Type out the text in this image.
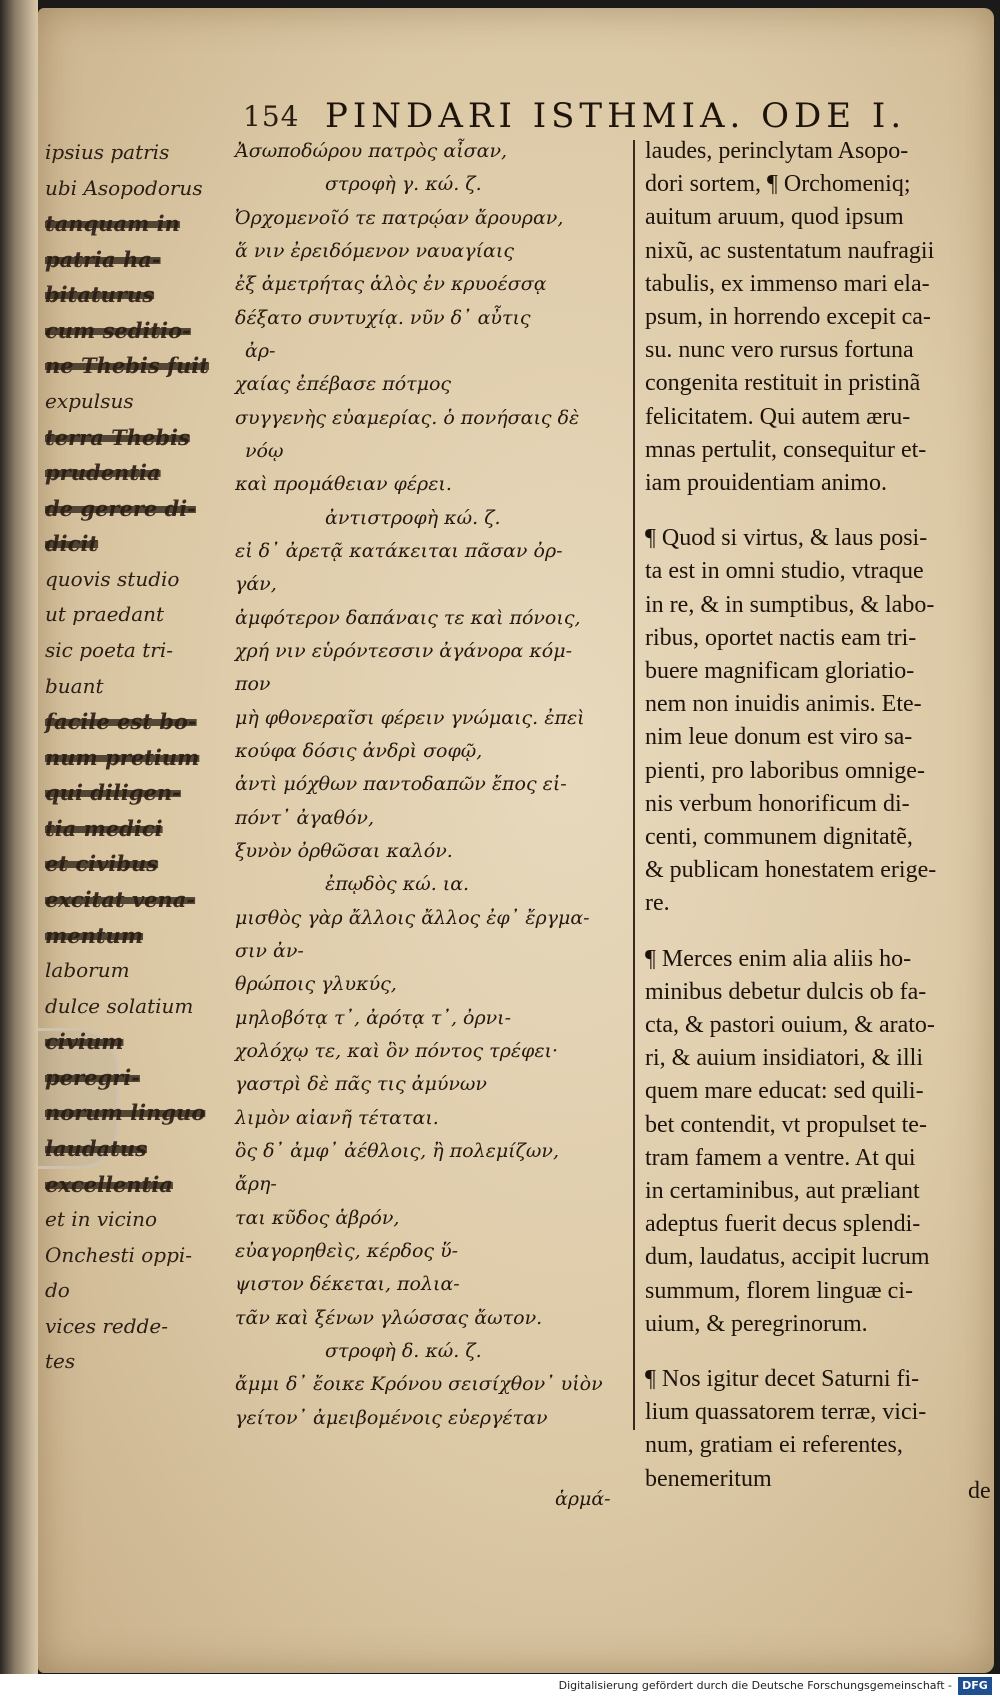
154 PINDARI ISTHMIA. ODE I.
ipsius patris
ubi Asopodorus
tanquam in
patria ha-
bitaturus
cum seditio-
ne Thebis fuit
expulsus
terra Thebis
prudentia
de gerere di-
dicit
quovis studio
ut praedant
sic poeta tri-
buant
facile est bo-
num pretium
qui diligen-
tia medici
et civibus
excitat vena-
mentum
laborum
dulce solatium
civium
peregri-
norum linguo
laudatus
excellentia
et in vicino
Onchesti oppi-
do
vices redde-
tes
Ἀσωποδώρου πατρὸς αἶσαν,
στροφὴ γ. κώ. ζ.
Ὀρχομενοῖό τε πατρῴαν ἄρουραν,
ἅ νιν ἐρειδόμενον ναυαγίαις
ἐξ ἀμετρήτας ἁλὸς ἐν κρυοέσσᾳ
δέξατο συντυχίᾳ. νῦν δ᾽ αὖτις
ἀρ-
χαίας ἐπέβασε πότμος
συγγενὴς εὐαμερίας. ὁ πονήσαις δὲ
νόῳ
καὶ προμάθειαν φέρει.
ἀντιστροφὴ κώ. ζ.
εἰ δ᾽ ἀρετᾷ κατάκειται πᾶσαν ὀρ-
γάν,
ἀμφότερον δαπάναις τε καὶ πόνοις,
χρή νιν εὑρόντεσσιν ἀγάνορα κόμ-
πον
μὴ φθονεραῖσι φέρειν γνώμαις. ἐπεὶ
κούφα δόσις ἀνδρὶ σοφῷ,
ἀντὶ μόχθων παντοδαπῶν ἔπος εἰ-
πόντ᾽ ἀγαθόν,
ξυνὸν ὀρθῶσαι καλόν.
ἐπῳδὸς κώ. ια.
μισθὸς γὰρ ἄλλοις ἄλλος ἐφ᾽ ἔργμα-
σιν ἀν-
θρώποις γλυκύς,
μηλοβότᾳ τ᾽, ἀρότᾳ τ᾽, ὀρνι-
χολόχῳ τε, καὶ ὃν πόντος τρέφει·
γαστρὶ δὲ πᾶς τις ἀμύνων
λιμὸν αἰανῆ τέταται.
ὃς δ᾽ ἀμφ᾽ ἀέθλοις, ἢ πολεμίζων,
ἄρη-
ται κῦδος ἁβρόν,
εὐαγορηθεὶς, κέρδος ὕ-
ψιστον δέκεται, πολια-
τᾶν καὶ ξένων γλώσσας ἄωτον.
στροφὴ δ. κώ. ζ.
ἄμμι δ᾽ ἔοικε Κρόνου σεισίχθον᾽ υἱὸν
γείτον᾽ ἀμειβομένοις εὐεργέταν
laudes, perinclytam Asopo-
dori sortem, ¶ Orchomeniq;
auitum aruum, quod ipsum
nixũ, ac sustentatum naufragii
tabulis, ex immenso mari ela-
psum, in horrendo excepit ca-
su. nunc vero rursus fortuna
congenita restituit in pristinã
felicitatem. Qui autem æru-
mnas pertulit, consequitur et-
iam prouidentiam animo.
¶ Quod si virtus, & laus posi-
ta est in omni studio, vtraque
in re, & in sumptibus, & labo-
ribus, oportet nactis eam tri-
buere magnificam gloriatio-
nem non inuidis animis. Ete-
nim leue donum est viro sa-
pienti, pro laboribus omnige-
nis verbum honorificum di-
centi, communem dignitatẽ,
& publicam honestatem erige-
re.
¶ Merces enim alia aliis ho-
minibus debetur dulcis ob fa-
cta, & pastori ouium, & arato-
ri, & auium insidiatori, & illi
quem mare educat: sed quili-
bet contendit, vt propulset te-
tram famem a ventre. At qui
in certaminibus, aut præliant
adeptus fuerit decus splendi-
dum, laudatus, accipit lucrum
summum, florem linguæ ci-
uium, & peregrinorum.
¶ Nos igitur decet Saturni fi-
lium quassatorem terræ, vici-
num, gratiam ei referentes,
benemeritum
ἁρμά-	de
Digitalisierung gefördert durch die Deutsche Forschungsgemeinschaft - DFG
